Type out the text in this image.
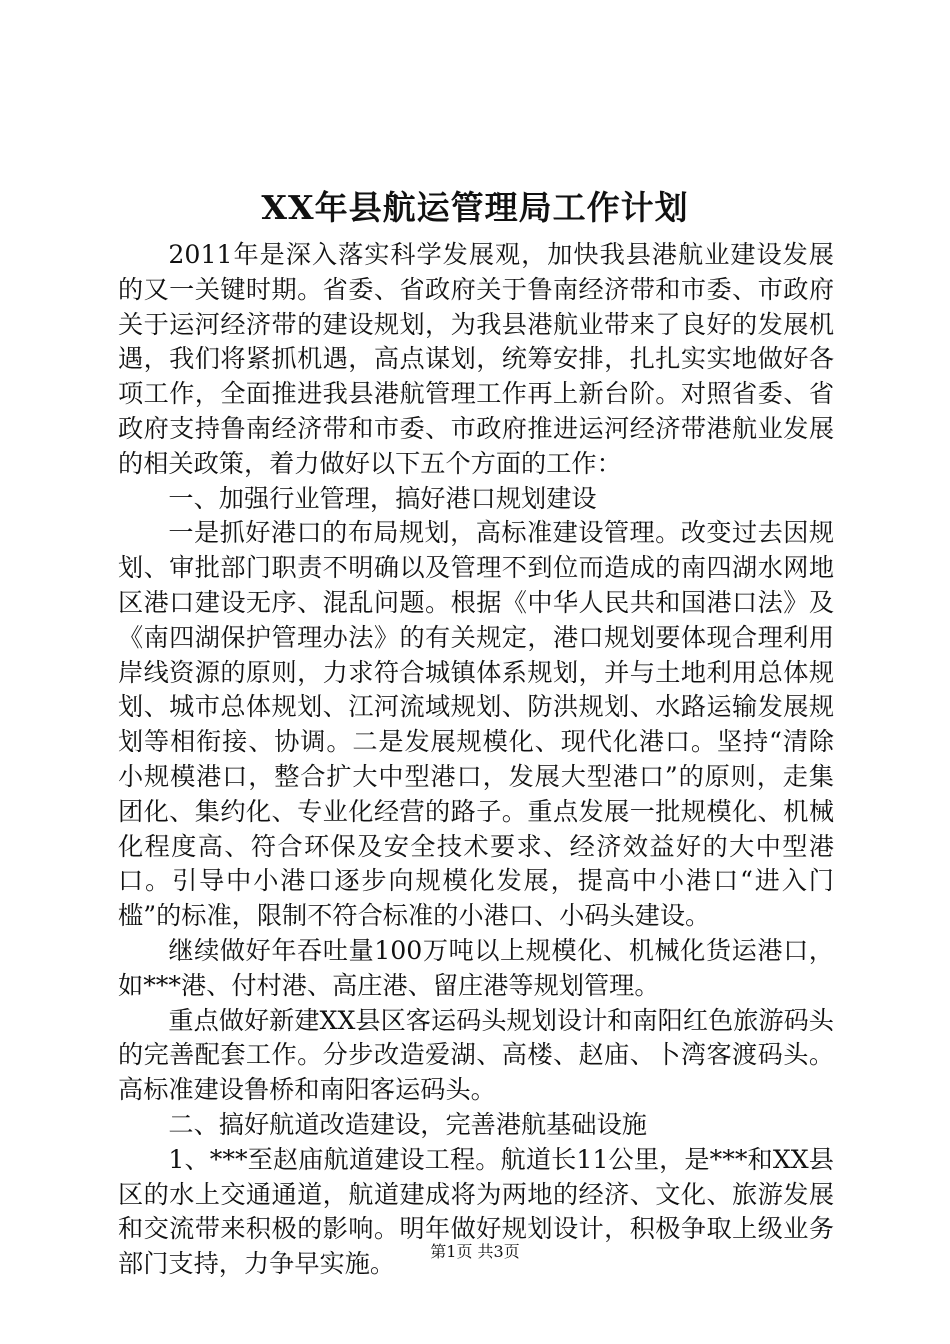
XX年县航运管理局工作计划

2011年是深入落实科学发展观，加快我县港航业建设发展的又一关键时期。省委、省政府关于鲁南经济带和市委、市政府关于运河经济带的建设规划，为我县港航业带来了良好的发展机遇，我们将紧抓机遇，高点谋划，统筹安排，扎扎实实地做好各项工作，全面推进我县港航管理工作再上新台阶。对照省委、省政府支持鲁南经济带和市委、市政府推进运河经济带港航业发展的相关政策，着力做好以下五个方面的工作：

一、加强行业管理，搞好港口规划建设

一是抓好港口的布局规划，高标准建设管理。改变过去因规划、审批部门职责不明确以及管理不到位而造成的南四湖水网地区港口建设无序、混乱问题。根据《中华人民共和国港口法》及《南四湖保护管理办法》的有关规定，港口规划要体现合理利用岸线资源的原则，力求符合城镇体系规划，并与土地利用总体规划、城市总体规划、江河流域规划、防洪规划、水路运输发展规划等相衔接、协调。二是发展规模化、现代化港口。坚持“清除小规模港口，整合扩大中型港口，发展大型港口”的原则，走集团化、集约化、专业化经营的路子。重点发展一批规模化、机械化程度高、符合环保及安全技术要求、经济效益好的大中型港口。引导中小港口逐步向规模化发展，提高中小港口“进入门槛”的标准，限制不符合标准的小港口、小码头建设。

继续做好年吞吐量100万吨以上规模化、机械化货运港口，如***港、付村港、高庄港、留庄港等规划管理。

重点做好新建XX县区客运码头规划设计和南阳红色旅游码头的完善配套工作。分步改造爱湖、高楼、赵庙、卜湾客渡码头。高标准建设鲁桥和南阳客运码头。

二、搞好航道改造建设，完善港航基础设施

1、***至赵庙航道建设工程。航道长11公里，是***和XX县区的水上交通通道，航道建成将为两地的经济、文化、旅游发展和交流带来积极的影响。明年做好规划设计，积极争取上级业务部门支持，力争早实施。	第1页 共3页
